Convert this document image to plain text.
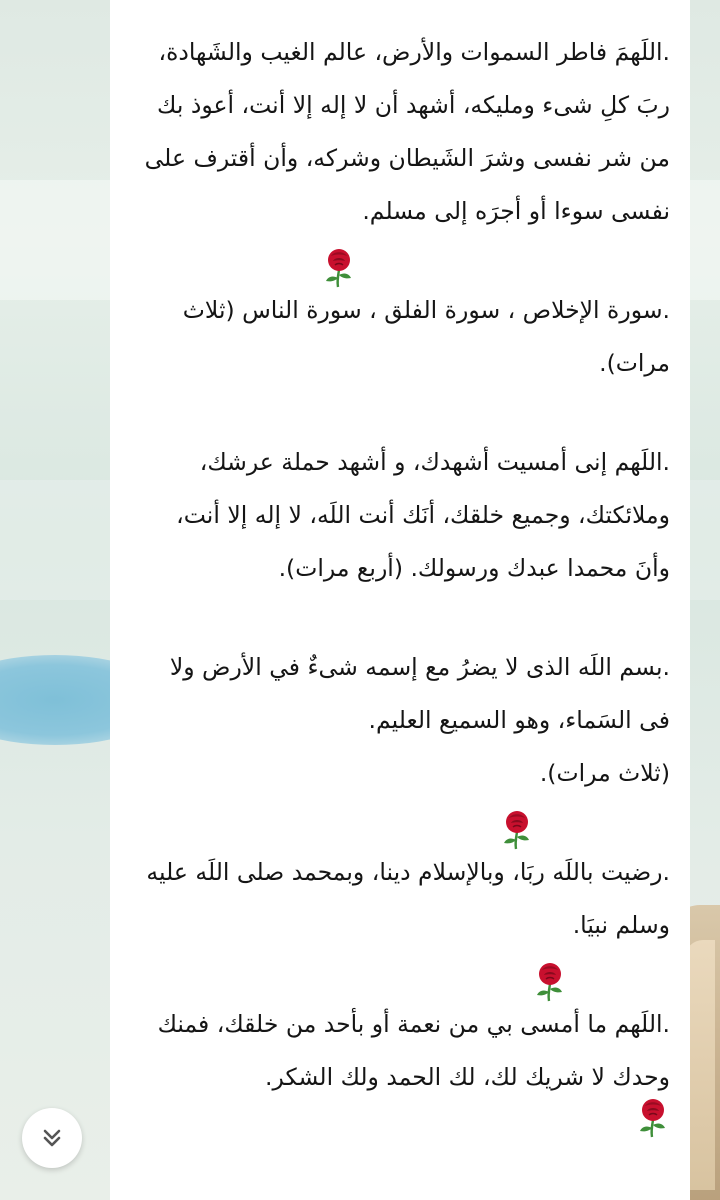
.اللَهمَ فاطر السموات والأرض، عالم الغيب والشَهادة، ربَ كلِ شىء ومليكه، أشهد أن لا إله إلا أنت، أعوذ بك من شر نفسى وشرَ الشَيطان وشركه، وأن أقترف على نفسى سوءا أو أجرَه إلى مسلم.

.سورة الإخلاص ، سورة الفلق ، سورة الناس (ثلاث مرات).
.اللَهم إنى أمسيت أشهدك، و أشهد حملة عرشك، وملائكتك، وجميع خلقك، أنَك أنت اللَه، لا إله إلا أنت، وأنَ محمدا عبدك ورسولك. (أربع مرات).
.بسم اللَه الذى لا يضرُ مع إسمه شىءٌ في الأرض ولا فى السَماء، وهو السميع العليم.
(ثلاث مرات).

.رضيت باللَه ربَا، وبالإسلام دينا، وبمحمد صلى اللَه عليه وسلم نبيَا.

.اللَهم ما أمسى بي من نعمة أو بأحد من خلقك، فمنك وحدك لا شريك لك، لك الحمد ولك الشكر.
